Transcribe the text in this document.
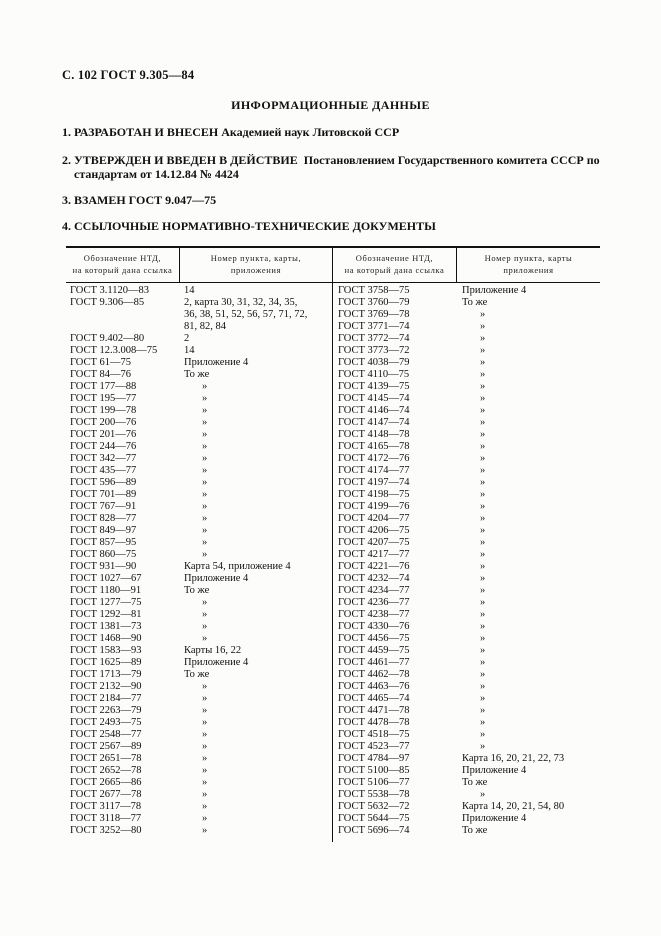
С. 102 ГОСТ 9.305—84
ИНФОРМАЦИОННЫЕ ДАННЫЕ
1. РАЗРАБОТАН И ВНЕСЕН Академией наук Литовской ССР
2. УТВЕРЖДЕН И ВВЕДЕН В ДЕЙСТВИЕ Постановлением Государственного комитета СССР по
стандартам от 14.12.84 № 4424
3. ВЗАМЕН ГОСТ 9.047—75
4. ССЫЛОЧНЫЕ НОРМАТИВНО-ТЕХНИЧЕСКИЕ ДОКУМЕНТЫ
Обозначение НТД,
на который дана ссылка
Номер пункта, карты,
приложения
Обозначение НТД,
на который дана ссылка
Номер пункта, карты
приложения
ГОСТ 3.1120—83
ГОСТ 9.306—85
ГОСТ 9.402—80
ГОСТ 12.3.008—75
ГОСТ 61—75
ГОСТ 84—76
ГОСТ 177—88
ГОСТ 195—77
ГОСТ 199—78
ГОСТ 200—76
ГОСТ 201—76
ГОСТ 244—76
ГОСТ 342—77
ГОСТ 435—77
ГОСТ 596—89
ГОСТ 701—89
ГОСТ 767—91
ГОСТ 828—77
ГОСТ 849—97
ГОСТ 857—95
ГОСТ 860—75
ГОСТ 931—90
ГОСТ 1027—67
ГОСТ 1180—91
ГОСТ 1277—75
ГОСТ 1292—81
ГОСТ 1381—73
ГОСТ 1468—90
ГОСТ 1583—93
ГОСТ 1625—89
ГОСТ 1713—79
ГОСТ 2132—90
ГОСТ 2184—77
ГОСТ 2263—79
ГОСТ 2493—75
ГОСТ 2548—77
ГОСТ 2567—89
ГОСТ 2651—78
ГОСТ 2652—78
ГОСТ 2665—86
ГОСТ 2677—78
ГОСТ 3117—78
ГОСТ 3118—77
ГОСТ 3252—80
14
2, карта 30, 31, 32, 34, 35,
36, 38, 51, 52, 56, 57, 71, 72,
81, 82, 84
2
14
Приложение 4
То же
»
»
»
»
»
»
»
»
»
»
»
»
»
»
»
Карта 54, приложение 4
Приложение 4
То же
»
»
»
»
Карты 16, 22
Приложение 4
То же
»
»
»
»
»
»
»
»
»
»
»
»
»
ГОСТ 3758—75
ГОСТ 3760—79
ГОСТ 3769—78
ГОСТ 3771—74
ГОСТ 3772—74
ГОСТ 3773—72
ГОСТ 4038—79
ГОСТ 4110—75
ГОСТ 4139—75
ГОСТ 4145—74
ГОСТ 4146—74
ГОСТ 4147—74
ГОСТ 4148—78
ГОСТ 4165—78
ГОСТ 4172—76
ГОСТ 4174—77
ГОСТ 4197—74
ГОСТ 4198—75
ГОСТ 4199—76
ГОСТ 4204—77
ГОСТ 4206—75
ГОСТ 4207—75
ГОСТ 4217—77
ГОСТ 4221—76
ГОСТ 4232—74
ГОСТ 4234—77
ГОСТ 4236—77
ГОСТ 4238—77
ГОСТ 4330—76
ГОСТ 4456—75
ГОСТ 4459—75
ГОСТ 4461—77
ГОСТ 4462—78
ГОСТ 4463—76
ГОСТ 4465—74
ГОСТ 4471—78
ГОСТ 4478—78
ГОСТ 4518—75
ГОСТ 4523—77
ГОСТ 4784—97
ГОСТ 5100—85
ГОСТ 5106—77
ГОСТ 5538—78
ГОСТ 5632—72
ГОСТ 5644—75
ГОСТ 5696—74
Приложение 4
То же
»
»
»
»
»
»
»
»
»
»
»
»
»
»
»
»
»
»
»
»
»
»
»
»
»
»
»
»
»
»
»
»
»
»
»
»
»
Карта 16, 20, 21, 22, 73
Приложение 4
То же
»
Карта 14, 20, 21, 54, 80
Приложение 4
То же
